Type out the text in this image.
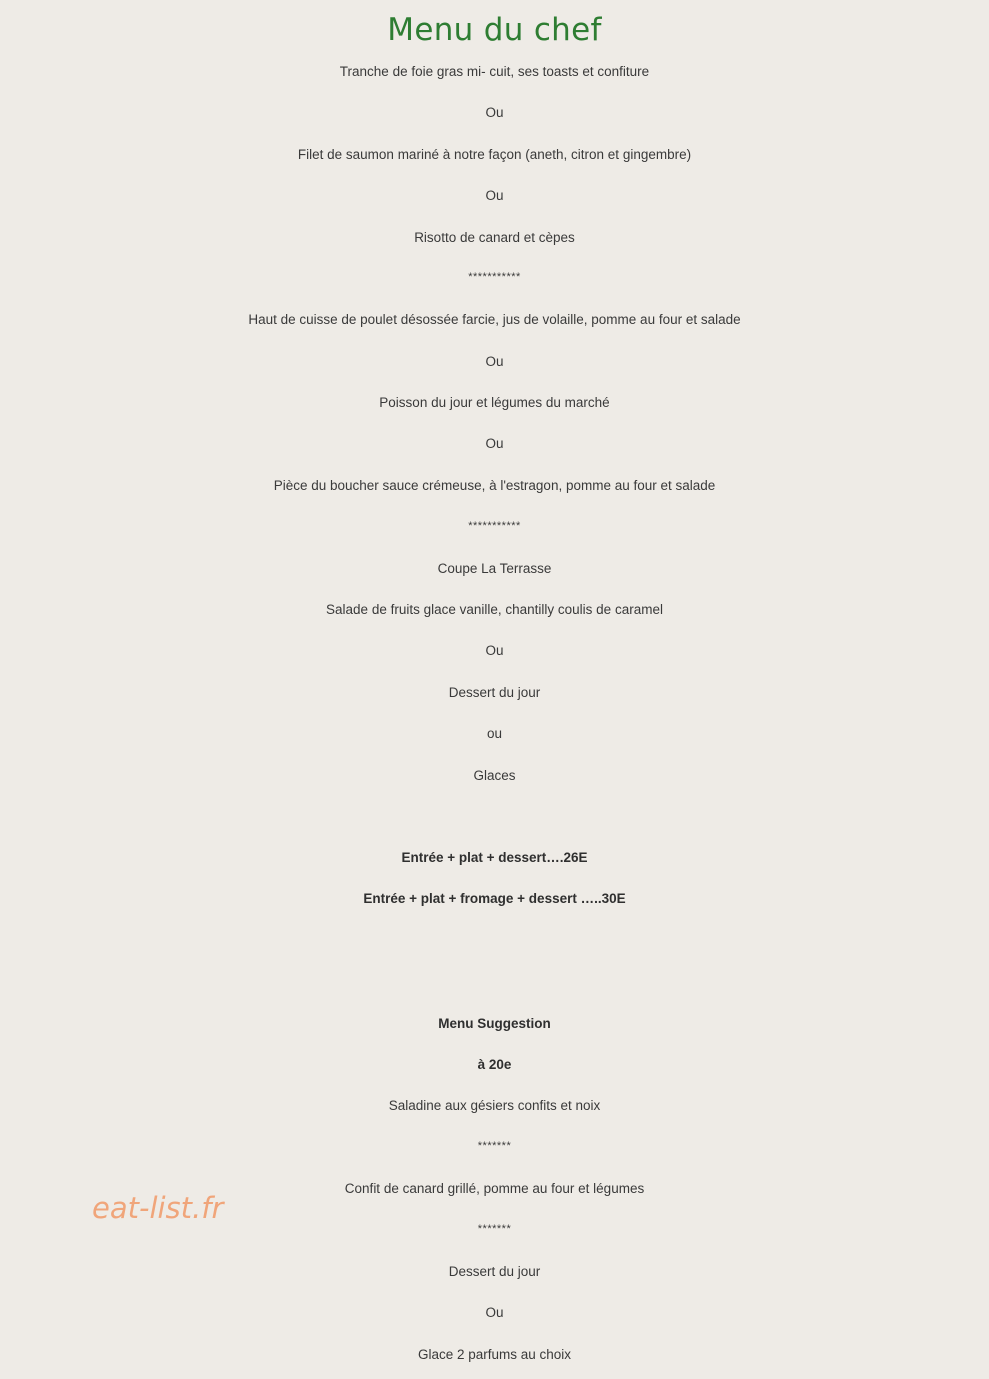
Menu du chef
Tranche de foie gras mi- cuit, ses toasts et confiture
Ou
Filet de saumon mariné à notre façon (aneth, citron et gingembre)
Ou
Risotto de canard et cèpes
***********
Haut de cuisse de poulet désossée farcie, jus de volaille, pomme au four et salade
Ou
Poisson du jour et légumes du marché
Ou
Pièce du boucher sauce crémeuse, à l'estragon, pomme au four et salade
***********
Coupe La Terrasse
Salade de fruits glace vanille, chantilly coulis de caramel
Ou
Dessert du jour
ou
Glaces
Entrée + plat + dessert….26E
Entrée + plat + fromage + dessert …..30E
Menu Suggestion
à 20e
Saladine aux gésiers confits et noix
*******
Confit de canard grillé, pomme au four et légumes
*******
Dessert du jour
Ou
Glace 2 parfums au choix
eat-list.fr
